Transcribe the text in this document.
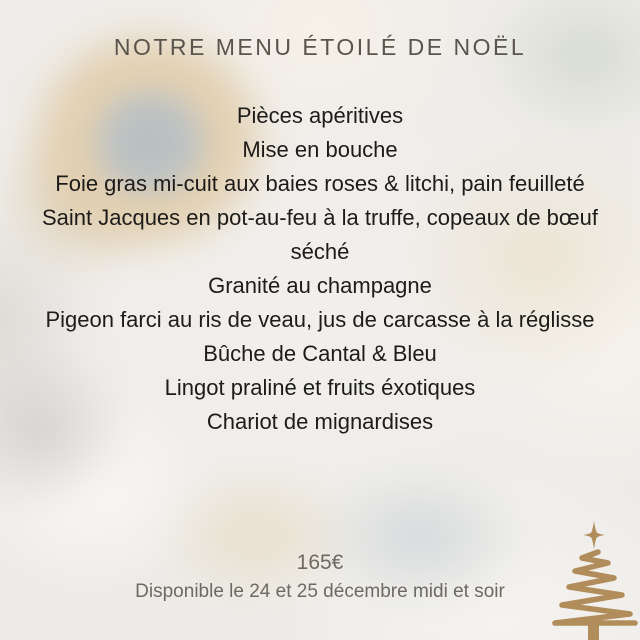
NOTRE MENU ÉTOILÉ DE NOËL
Pièces apéritives
Mise en bouche
Foie gras mi-cuit aux baies roses & litchi, pain feuilleté
Saint Jacques en pot-au-feu à la truffe, copeaux de bœuf séché
Granité au champagne
Pigeon farci au ris de veau, jus de carcasse à la réglisse
Bûche de Cantal & Bleu
Lingot praliné et fruits éxotiques
Chariot de mignardises
165€
Disponible le 24 et 25 décembre midi et soir
